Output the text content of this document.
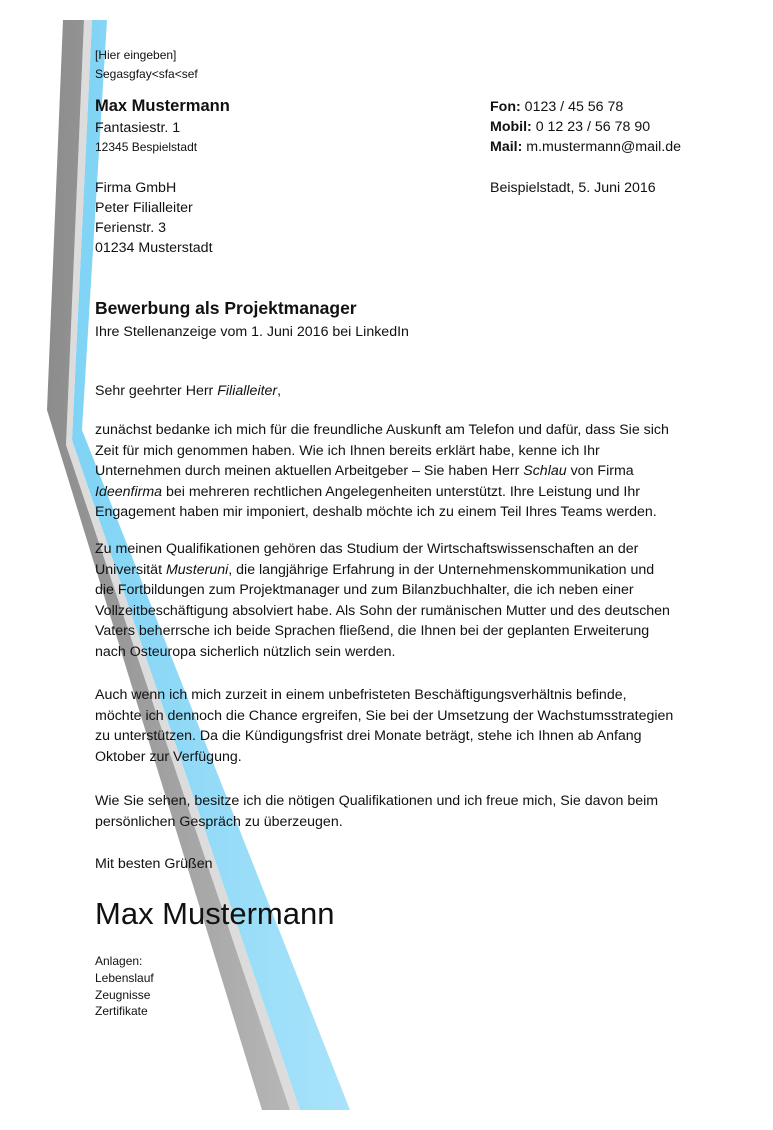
[Hier eingeben]
Segasgfay<sfa<sef
Max Mustermann
Fantasiestr. 1
12345 Bespielstadt
Fon: 0123 / 45 56 78
Mobil: 0 12 23 / 56 78 90
Mail: m.mustermann@mail.de
Firma GmbH
Peter Filialleiter
Ferienstr. 3
01234 Musterstadt
Beispielstadt, 5. Juni 2016
Bewerbung als Projektmanager
Ihre Stellenanzeige vom 1. Juni 2016 bei LinkedIn
Sehr geehrter Herr Filialleiter,
zunächst bedanke ich mich für die freundliche Auskunft am Telefon und dafür, dass Sie sich
Zeit für mich genommen haben. Wie ich Ihnen bereits erklärt habe, kenne ich Ihr
Unternehmen durch meinen aktuellen Arbeitgeber – Sie haben Herr Schlau von Firma
Ideenfirma bei mehreren rechtlichen Angelegenheiten unterstützt. Ihre Leistung und Ihr
Engagement haben mir imponiert, deshalb möchte ich zu einem Teil Ihres Teams werden.
Zu meinen Qualifikationen gehören das Studium der Wirtschaftswissenschaften an der
Universität Musteruni, die langjährige Erfahrung in der Unternehmenskommunikation und
die Fortbildungen zum Projektmanager und zum Bilanzbuchhalter, die ich neben einer
Vollzeitbeschäftigung absolviert habe. Als Sohn der rumänischen Mutter und des deutschen
Vaters beherrsche ich beide Sprachen fließend, die Ihnen bei der geplanten Erweiterung
nach Osteuropa sicherlich nützlich sein werden.
Auch wenn ich mich zurzeit in einem unbefristeten Beschäftigungsverhältnis befinde,
möchte ich dennoch die Chance ergreifen, Sie bei der Umsetzung der Wachstumsstrategien
zu unterstützen. Da die Kündigungsfrist drei Monate beträgt, stehe ich Ihnen ab Anfang
Oktober zur Verfügung.
Wie Sie sehen, besitze ich die nötigen Qualifikationen und ich freue mich, Sie davon beim
persönlichen Gespräch zu überzeugen.
Mit besten Grüßen
Max Mustermann
Anlagen:
Lebenslauf
Zeugnisse
Zertifikate
